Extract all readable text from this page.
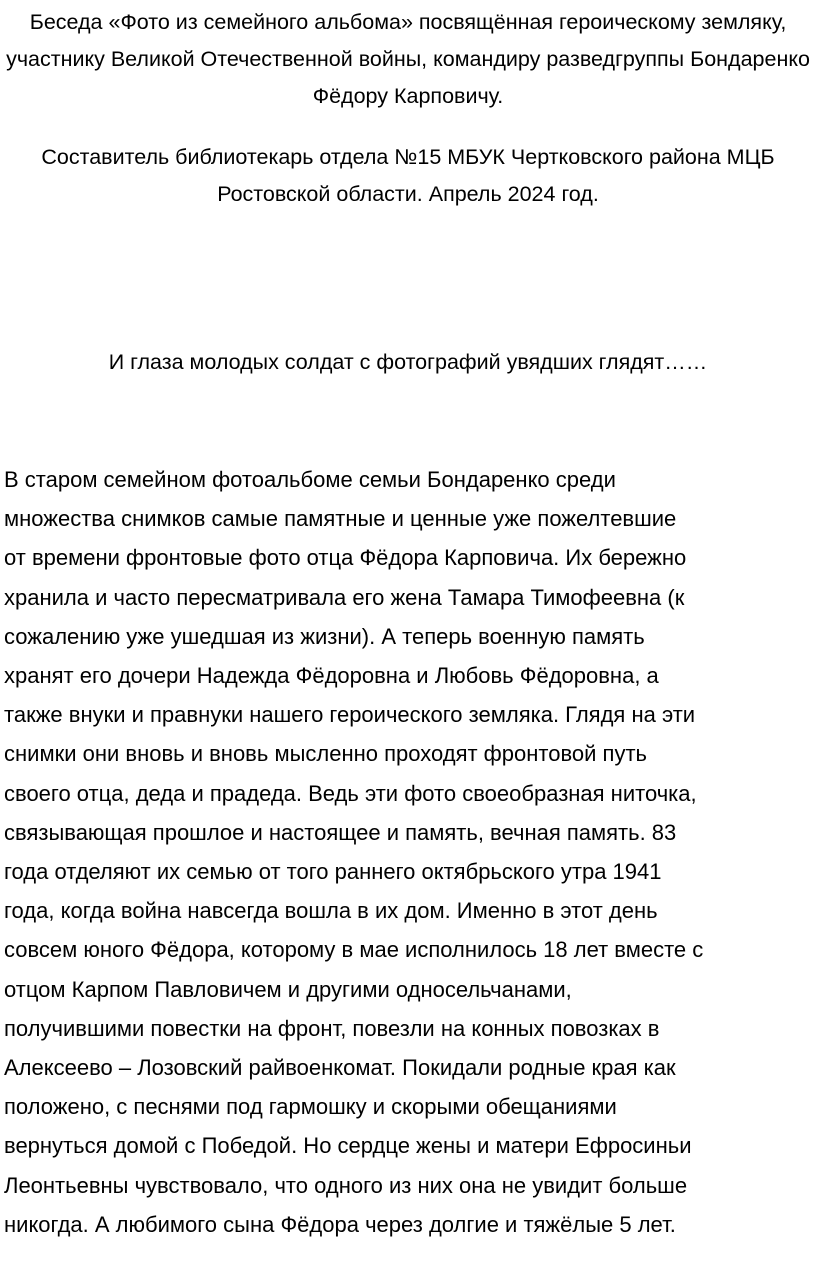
Беседа «Фото из семейного альбома» посвящённая героическому земляку, участнику Великой Отечественной войны, командиру разведгруппы Бондаренко Фёдору Карповичу.

Составитель библиотекарь отдела №15 МБУК Чертковского района МЦБ Ростовской области. Апрель 2024 год.

И глаза молодых солдат с фотографий увядших глядят……

В старом семейном фотоальбоме семьи Бондаренко среди
множества снимков самые памятные и ценные уже пожелтевшие
от времени фронтовые фото отца Фёдора Карповича. Их бережно
хранила и часто пересматривала его жена Тамара Тимофеевна (к
сожалению уже ушедшая из жизни). А теперь военную память
хранят его дочери Надежда Фёдоровна и Любовь Фёдоровна, а
также внуки и правнуки нашего героического земляка. Глядя на эти
снимки они вновь и вновь мысленно проходят фронтовой путь
своего отца, деда и прадеда. Ведь эти фото своеобразная ниточка,
связывающая прошлое и настоящее и память, вечная память. 83
года отделяют их семью от того раннего октябрьского утра 1941
года, когда война навсегда вошла в их дом. Именно в этот день
совсем юного Фёдора, которому в мае исполнилось 18 лет вместе с
отцом Карпом Павловичем и другими односельчанами,
получившими повестки на фронт, повезли на конных повозках в
Алексеево – Лозовский райвоенкомат. Покидали родные края как
положено, с песнями под гармошку и скорыми обещаниями
вернуться домой с Победой. Но сердце жены и матери Ефросиньи
Леонтьевны чувствовало, что одного из них она не увидит больше
никогда. А любимого сына Фёдора через долгие и тяжёлые 5 лет.
